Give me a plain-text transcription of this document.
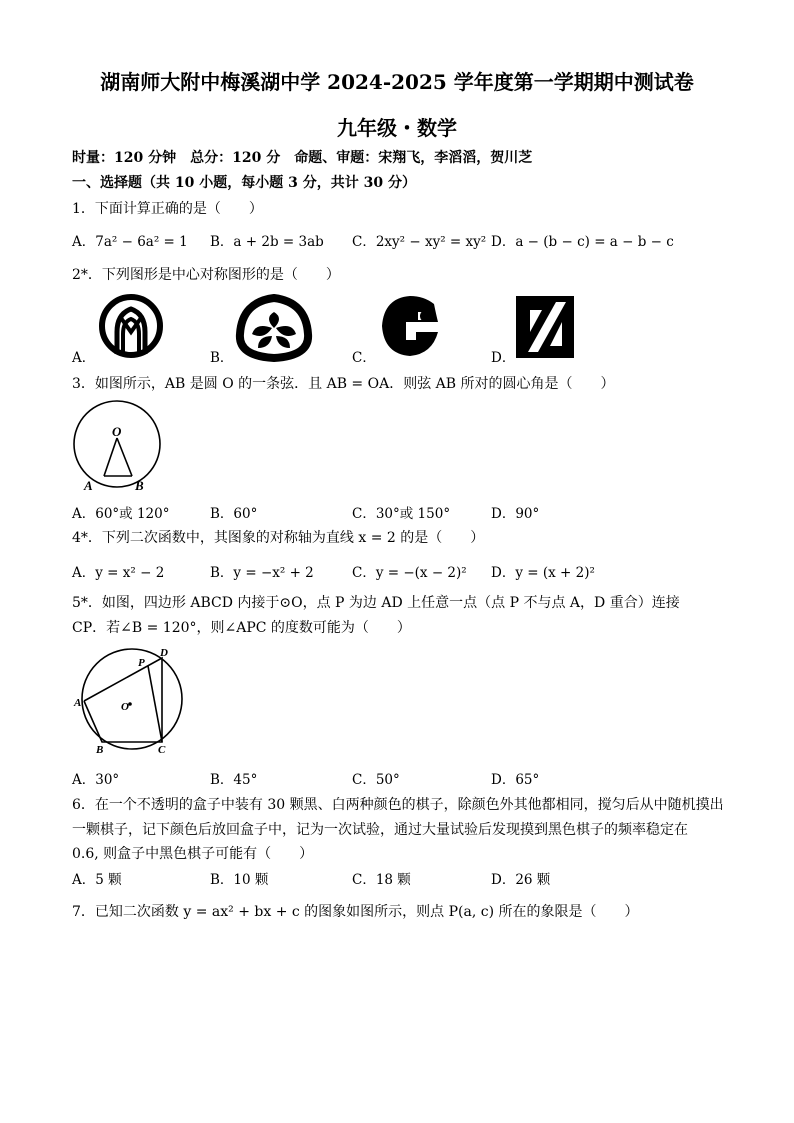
湖南师大附中梅溪湖中学 2024-2025 学年度第一学期期中测试卷
九年级・数学
时量：120 分钟　总分：120 分　命题、审题：宋翔飞，李滔滔，贺川芝
一、选择题（共 10 小题，每小题 3 分，共计 30 分）
1．下面计算正确的是（　　）
A．7a² − 6a² = 1 B．a + 2b = 3ab C．2xy² − xy² = xy² D．a − (b − c) = a − b − c
2*．下列图形是中心对称图形的是（　　）
A．	B．	C．	D．
3．如图所示，AB 是圆 O 的一条弦．且 AB = OA．则弦 AB 所对的圆心角是（　　）
O
A	B
A．60°或 120°	B．60°	C．30°或 150°	D．90°
4*．下列二次函数中，其图象的对称轴为直线 x = 2 的是（　　）
A．y = x² − 2	B．y = −x² + 2	C．y = −(x − 2)² D．y = (x + 2)²
5*．如图，四边形 ABCD 内接于⊙O，点 P 为边 AD 上任意一点（点 P 不与点 A，D 重合）连接
CP．若∠B = 120°，则∠APC 的度数可能为（　　）
P
D
A	O
B	C
A．30°	B．45°	C．50°	D．65°
6．在一个不透明的盒子中装有 30 颗黑、白两种颜色的棋子，除颜色外其他都相同，搅匀后从中随机摸出
一颗棋子，记下颜色后放回盒子中，记为一次试验，通过大量试验后发现摸到黑色棋子的频率稳定在
0.6, 则盒子中黑色棋子可能有（　　）
A．5 颗	B．10 颗	C．18 颗	D．26 颗
7．已知二次函数 y = ax² + bx + c 的图象如图所示，则点 P(a, c) 所在的象限是（　　）
